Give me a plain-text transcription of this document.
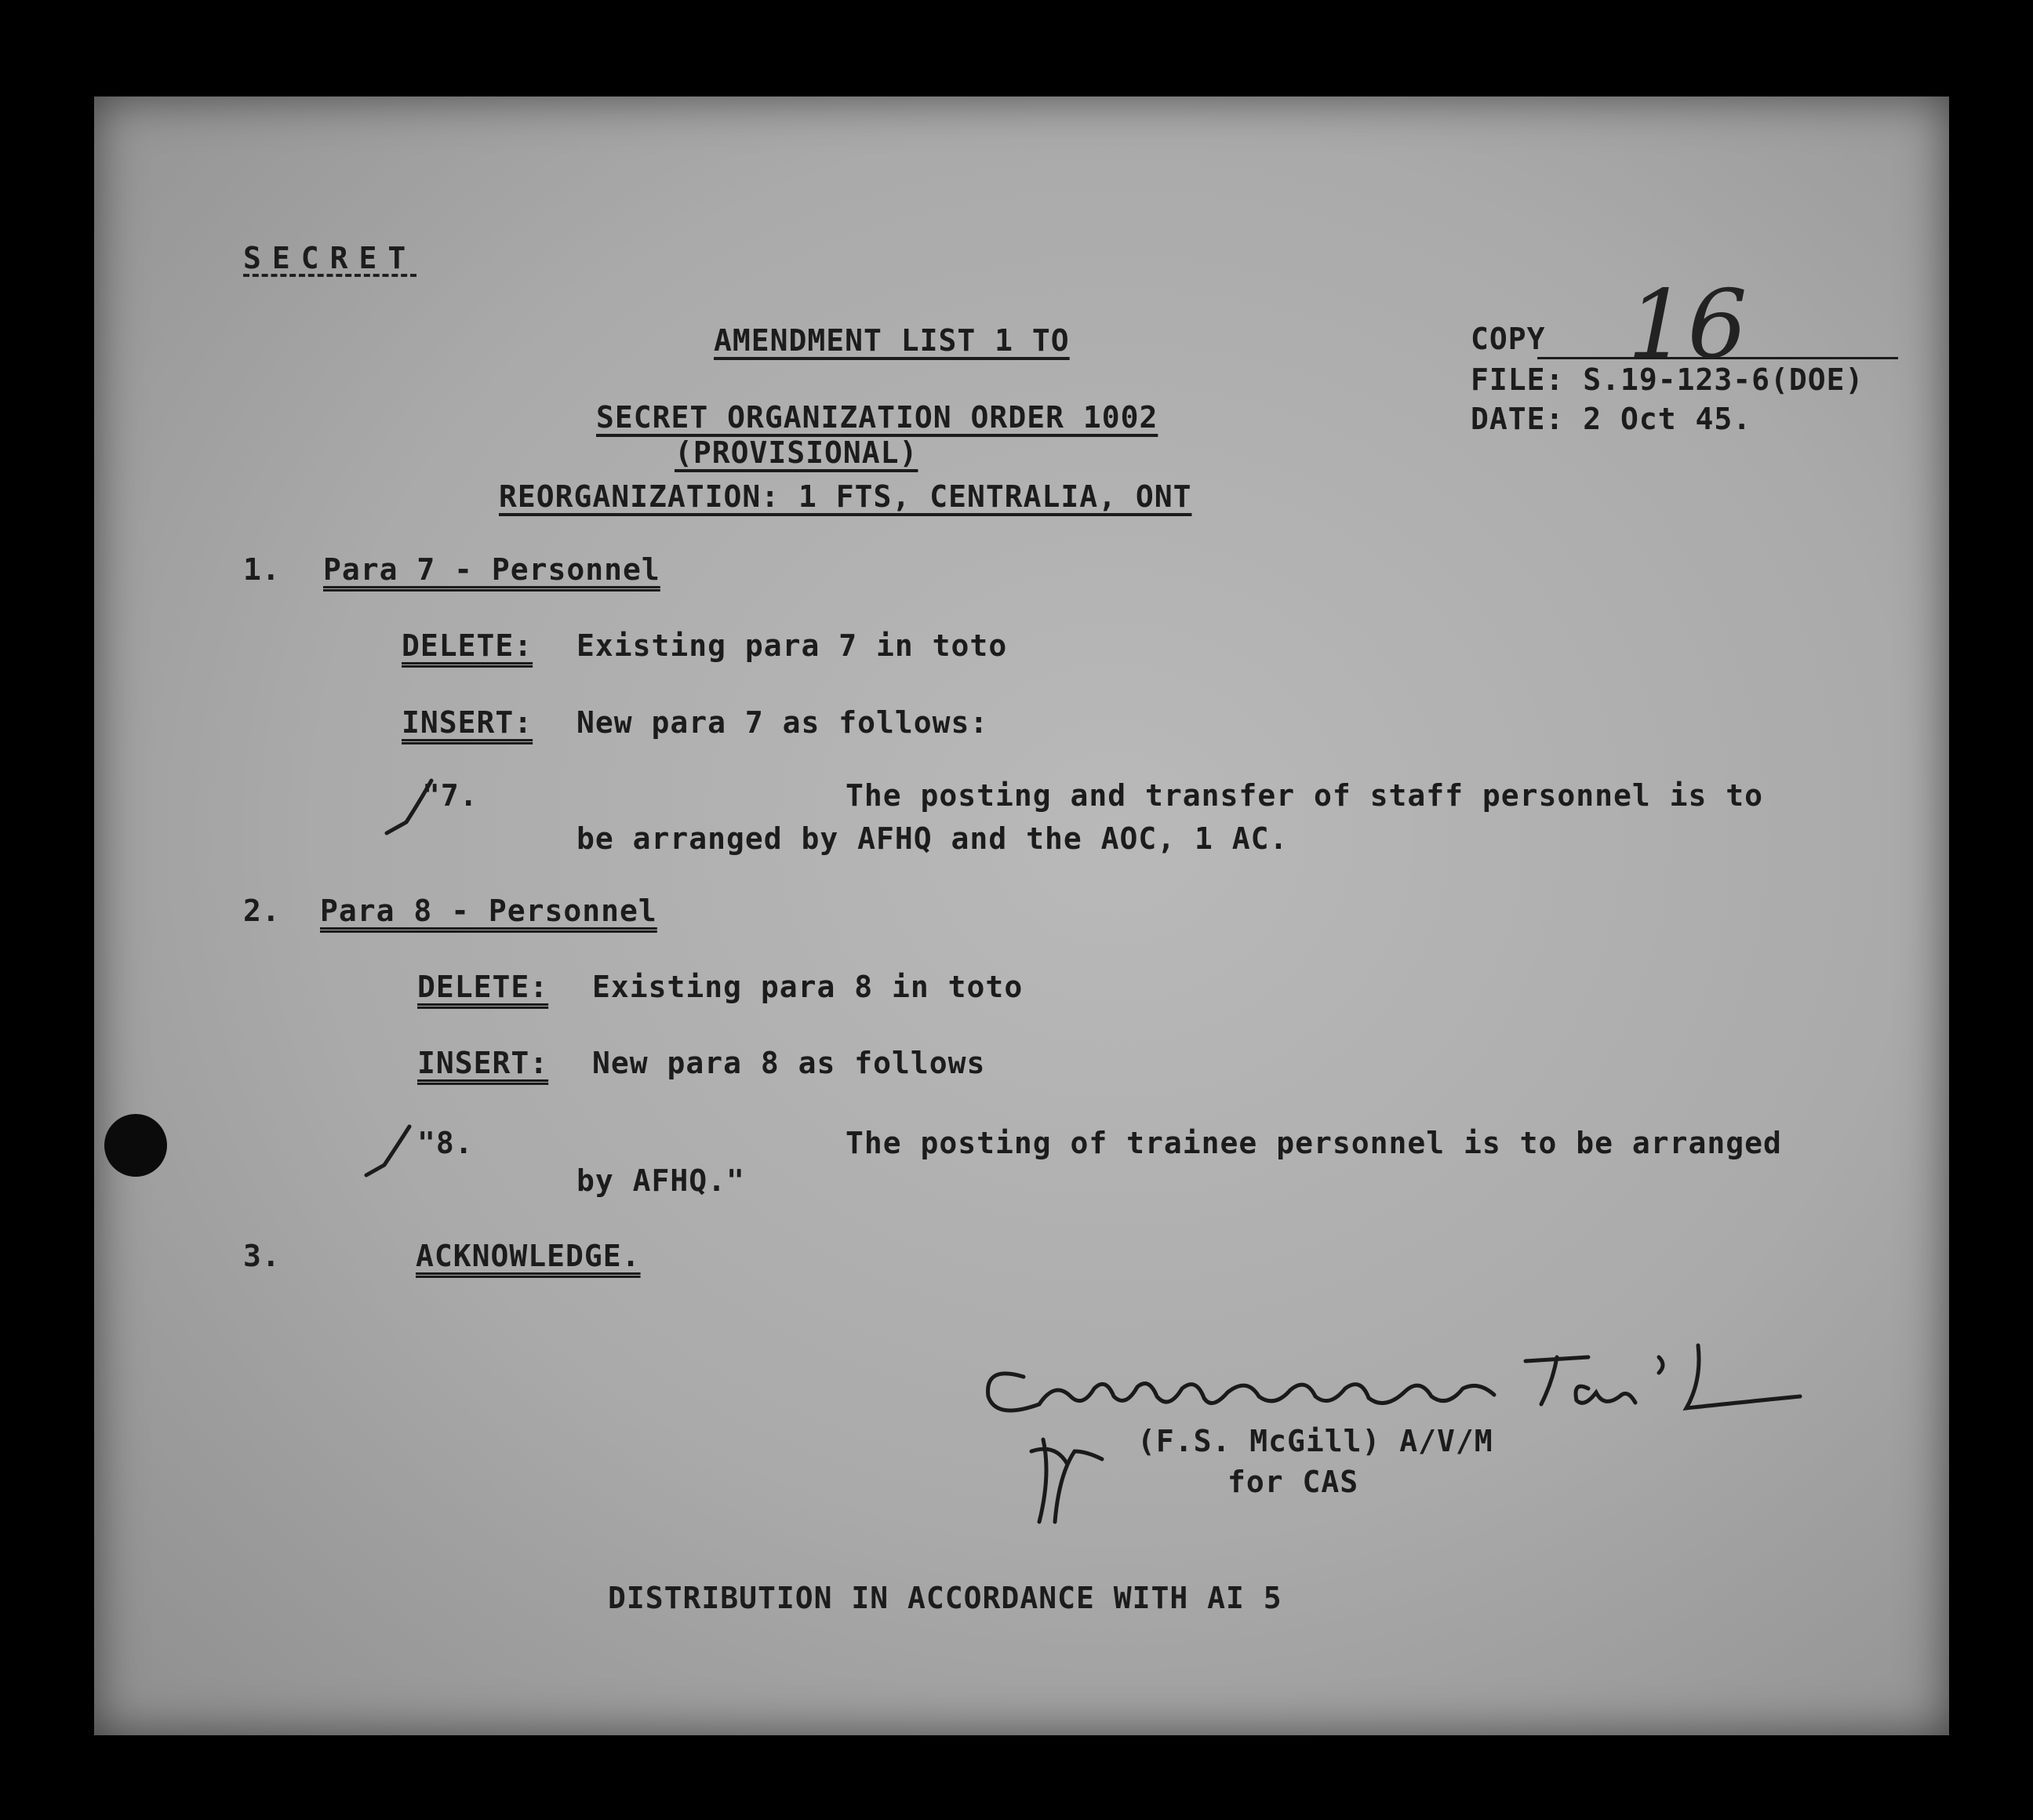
SECRET
AMENDMENT LIST 1 TO
SECRET ORGANIZATION ORDER 1002
(PROVISIONAL)
REORGANIZATION: 1 FTS, CENTRALIA, ONT
COPY 16
FILE: S.19-123-6(DOE)
DATE: 2 Oct 45.
1. Para 7 - Personnel
DELETE: Existing para 7 in toto
INSERT: New para 7 as follows:
"7.	The posting and transfer of staff personnel is to
be arranged by AFHQ and the AOC, 1 AC.
2. Para 8 - Personnel
DELETE: Existing para 8 in toto
INSERT: New para 8 as follows
"8.	The posting of trainee personnel is to be arranged
by AFHQ."
3.	ACKNOWLEDGE.
(F.S. McGill) A/V/M
for CAS
DISTRIBUTION IN ACCORDANCE WITH AI 5
